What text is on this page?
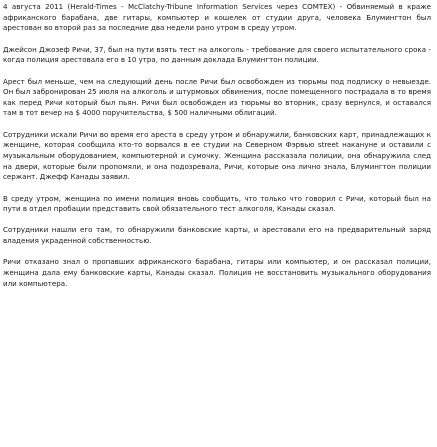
4 августа 2011 (Herald-Times - McClatchy-Tribune Information Services через COMTEX) - Обвиняемый в краже африканского барабана, две гитары, компьютер и кошелек от студии друга, человека Блумингтон был арестован во второй раз за последние два недели рано утром в среду утром.

Джейсон Джозеф Ричи, 37, был на пути взять тест на алкоголь - требование для своего испытательного срока - когда полиция арестовала его в 10 утра, по данным доклада Блумингтон полиции.

Арест был меньше, чем на следующий день после Ричи был освобожден из тюрьмы под подписку о невыезде. Он был забронирован 25 июля на алкоголь и штурмовых обвинения, после помещенного пострадала в то время как перед Ричи который был пьян. Ричи был освобожден из тюрьмы во вторник, сразу вернулся, и оставался там в тот вечер на $ 4000 поручительства, $ 500 наличными облигаций.

Сотрудники искали Ричи во время его ареста в среду утром и обнаружили, банковских карт, принадлежащих к женщине, которая сообщила кто-то ворвался в ее студии на Северном Фэрвью street накануне и оставили с музыкальным оборудованием, компьютерной и сумочку. Женщина рассказала полиции, она обнаружила след на двери, которые были пропомяли, и она подозревала, Ричи, которые она лично знала, Блумингтон полиции сержант. Джефф Канады заявил.

В среду утром, женщина по имени полиция вновь сообщить, что только что говорил с Ричи, который был на пути в отдел пробации представить свой обязательного тест алкоголя, Канады сказал.

Сотрудники нашли его там, то обнаружили банковские карты, и арестовали его на предварительный заряд владения украденной собственностью.

Ричи отказано знал о пропавших африканского барабана, гитары или компьютер, и он рассказал полиции, женщина дала ему банковские карты, Канады сказал. Полиция не восстановить музыкального оборудования или компьютера.
